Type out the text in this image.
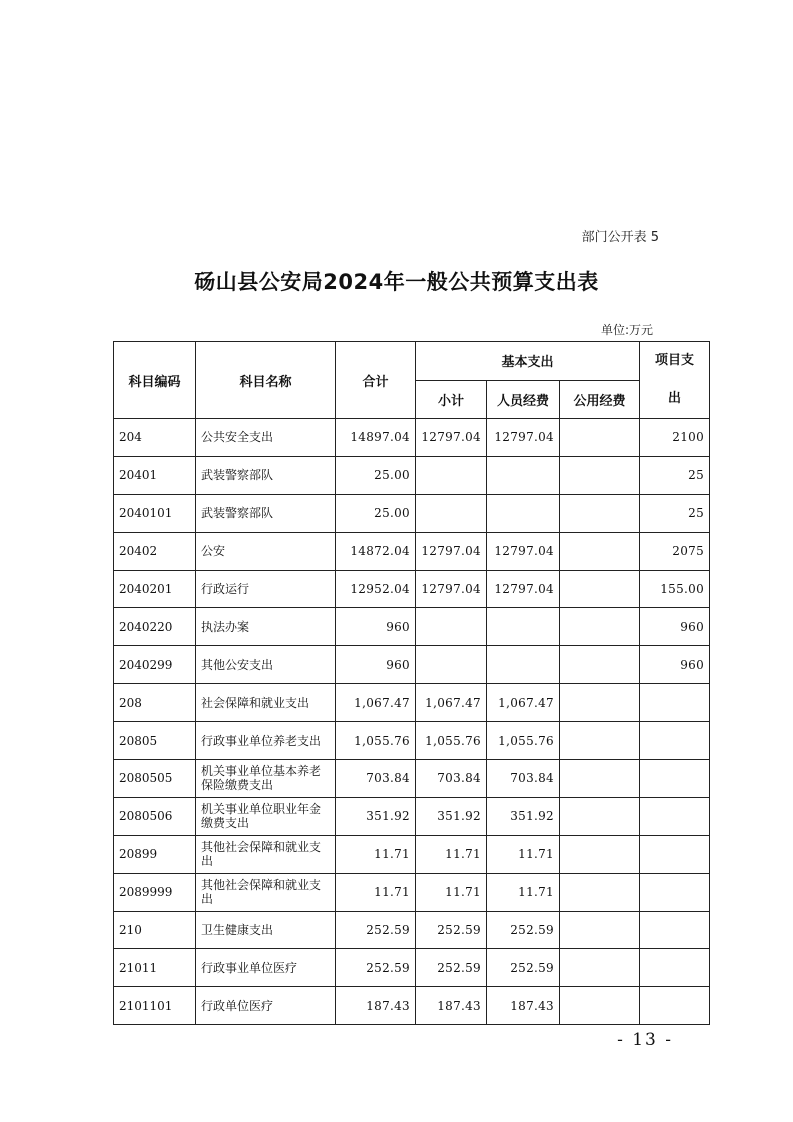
部门公开表 5
砀山县公安局2024年一般公共预算支出表
单位:万元
科目编码	科目名称	合计	基本支出			项目支
出

			小计	人员经费	公用经费	
204	公共安全支出	14897.04	12797.04	12797.04		2100
20401	武装警察部队	25.00				25
2040101	武装警察部队	25.00				25
20402	公安	14872.04	12797.04	12797.04		2075
2040201	行政运行	12952.04	12797.04	12797.04		155.00
2040220	执法办案	960				960
2040299	其他公安支出	960				960
208	社会保障和就业支出	1,067.47	1,067.47	1,067.47		
20805	行政事业单位养老支出	1,055.76	1,055.76	1,055.76		
2080505	机关事业单位基本养老保险缴费支出	703.84	703.84	703.84		
2080506	机关事业单位职业年金缴费支出	351.92	351.92	351.92		
20899	其他社会保障和就业支出	11.71	11.71	11.71		
2089999	其他社会保障和就业支出	11.71	11.71	11.71		
210	卫生健康支出	252.59	252.59	252.59		
21011	行政事业单位医疗	252.59	252.59	252.59		
2101101	行政单位医疗	187.43	187.43	187.43		
- 13 -
